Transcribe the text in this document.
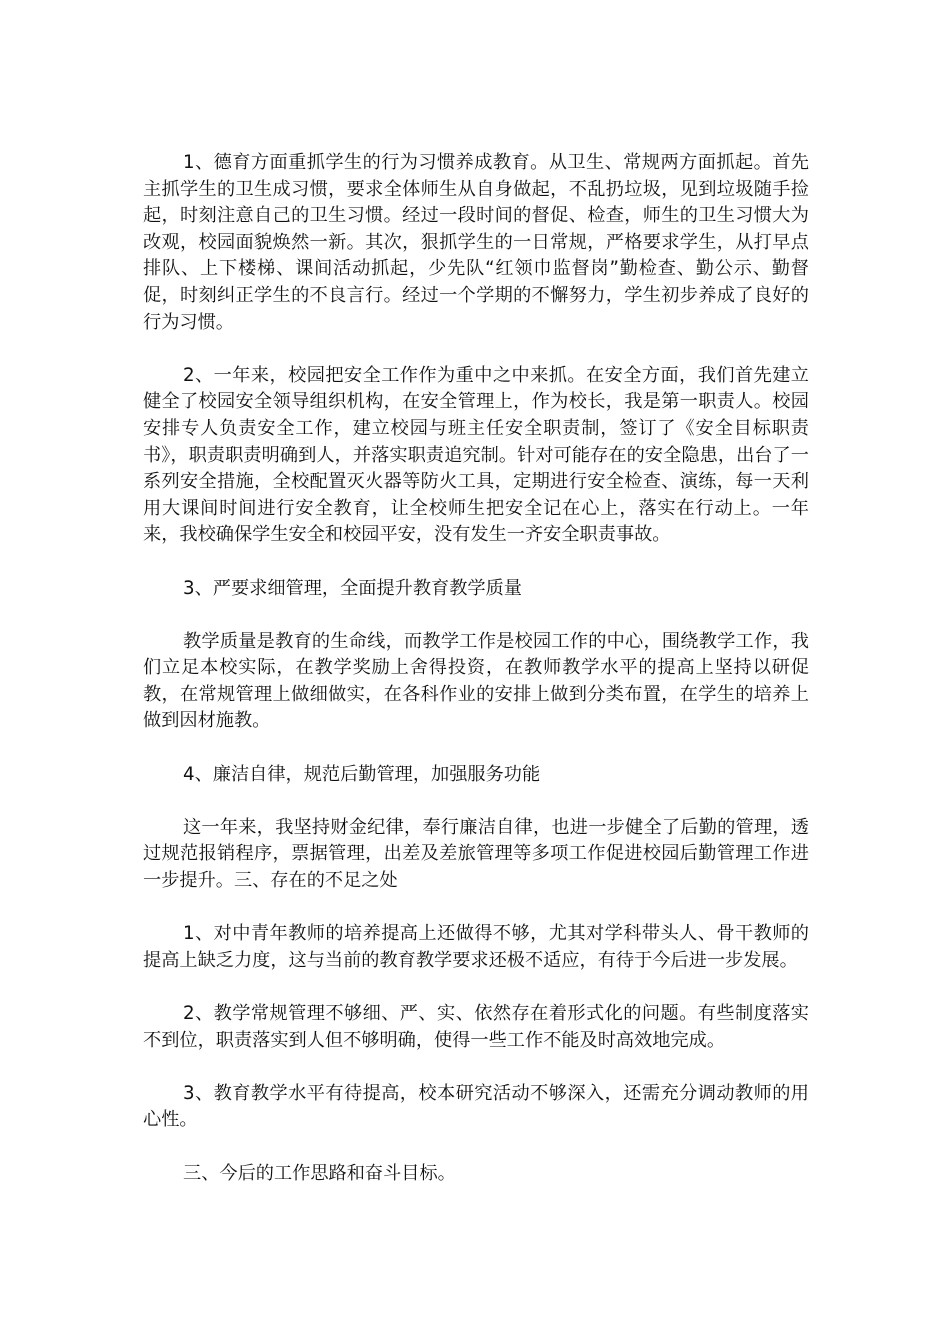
1、德育方面重抓学生的行为习惯养成教育。从卫生、常规两方面抓起。首先主抓学生的卫生成习惯，要求全体师生从自身做起，不乱扔垃圾，见到垃圾随手捡起，时刻注意自己的卫生习惯。经过一段时间的督促、检查，师生的卫生习惯大为改观，校园面貌焕然一新。其次，狠抓学生的一日常规，严格要求学生，从打早点排队、上下楼梯、课间活动抓起，少先队“红领巾监督岗”勤检查、勤公示、勤督促，时刻纠正学生的不良言行。经过一个学期的不懈努力，学生初步养成了良好的行为习惯。

2、一年来，校园把安全工作作为重中之中来抓。在安全方面，我们首先建立健全了校园安全领导组织机构，在安全管理上，作为校长，我是第一职责人。校园安排专人负责安全工作，建立校园与班主任安全职责制，签订了《安全目标职责书》，职责职责明确到人，并落实职责追究制。针对可能存在的安全隐患，出台了一系列安全措施，全校配置灭火器等防火工具，定期进行安全检查、演练，每一天利用大课间时间进行安全教育，让全校师生把安全记在心上，落实在行动上。一年来，我校确保学生安全和校园平安，没有发生一齐安全职责事故。

3、严要求细管理，全面提升教育教学质量

教学质量是教育的生命线，而教学工作是校园工作的中心，围绕教学工作，我们立足本校实际，在教学奖励上舍得投资，在教师教学水平的提高上坚持以研促教，在常规管理上做细做实，在各科作业的安排上做到分类布置，在学生的培养上做到因材施教。

4、廉洁自律，规范后勤管理，加强服务功能

这一年来，我坚持财金纪律，奉行廉洁自律，也进一步健全了后勤的管理，透过规范报销程序，票据管理，出差及差旅管理等多项工作促进校园后勤管理工作进一步提升。三、存在的不足之处

1、对中青年教师的培养提高上还做得不够，尤其对学科带头人、骨干教师的提高上缺乏力度，这与当前的教育教学要求还极不适应，有待于今后进一步发展。

2、教学常规管理不够细、严、实、依然存在着形式化的问题。有些制度落实不到位，职责落实到人但不够明确，使得一些工作不能及时高效地完成。

3、教育教学水平有待提高，校本研究活动不够深入，还需充分调动教师的用心性。

三、今后的工作思路和奋斗目标。
